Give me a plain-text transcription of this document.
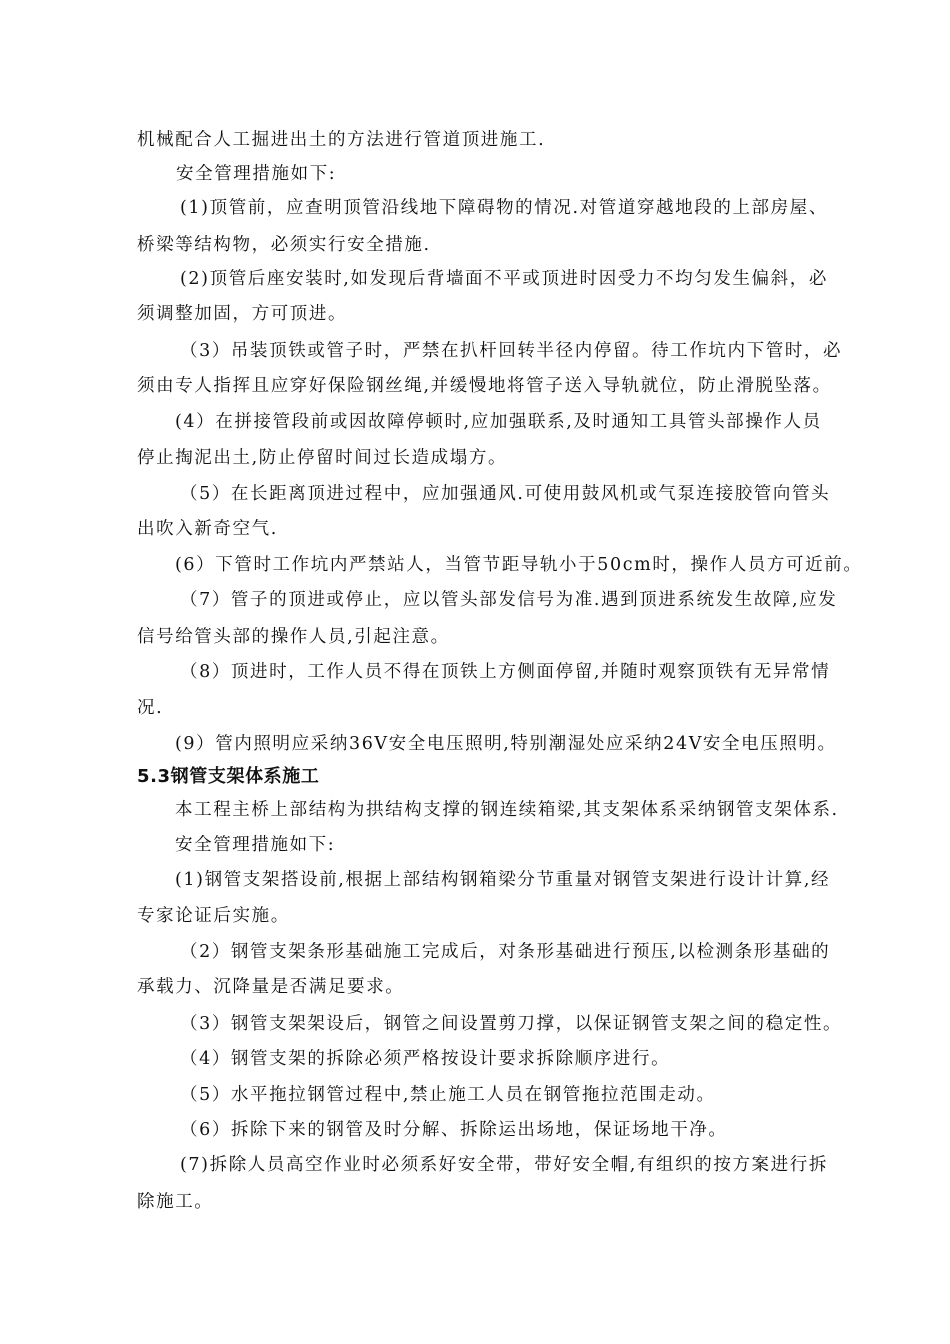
机械配合人工掘进出土的方法进行管道顶进施工.
安全管理措施如下:
(1)顶管前，应查明顶管沿线地下障碍物的情况.对管道穿越地段的上部房屋、
桥梁等结构物，必须实行安全措施.
(2)顶管后座安装时,如发现后背墙面不平或顶进时因受力不均匀发生偏斜，必
须调整加固，方可顶进。
（3）吊装顶铁或管子时，严禁在扒杆回转半径内停留。待工作坑内下管时，必
须由专人指挥且应穿好保险钢丝绳,并缓慢地将管子送入导轨就位，防止滑脱坠落。
(4）在拼接管段前或因故障停顿时,应加强联系,及时通知工具管头部操作人员
停止掏泥出土,防止停留时间过长造成塌方。
（5）在长距离顶进过程中，应加强通风.可使用鼓风机或气泵连接胶管向管头
出吹入新奇空气.
(6）下管时工作坑内严禁站人，当管节距导轨小于50cm时，操作人员方可近前。
（7）管子的顶进或停止，应以管头部发信号为准.遇到顶进系统发生故障,应发
信号给管头部的操作人员,引起注意。
（8）顶进时，工作人员不得在顶铁上方侧面停留,并随时观察顶铁有无异常情
况.
(9）管内照明应采纳36V安全电压照明,特别潮湿处应采纳24V安全电压照明。
5.3钢管支架体系施工
本工程主桥上部结构为拱结构支撑的钢连续箱梁,其支架体系采纳钢管支架体系.
安全管理措施如下:
(1)钢管支架搭设前,根据上部结构钢箱梁分节重量对钢管支架进行设计计算,经
专家论证后实施。
（2）钢管支架条形基础施工完成后，对条形基础进行预压,以检测条形基础的
承载力、沉降量是否满足要求。
（3）钢管支架架设后，钢管之间设置剪刀撑，以保证钢管支架之间的稳定性。
（4）钢管支架的拆除必须严格按设计要求拆除顺序进行。
（5）水平拖拉钢管过程中,禁止施工人员在钢管拖拉范围走动。
（6）拆除下来的钢管及时分解、拆除运出场地，保证场地干净。
(7)拆除人员高空作业时必须系好安全带，带好安全帽,有组织的按方案进行拆
除施工。
